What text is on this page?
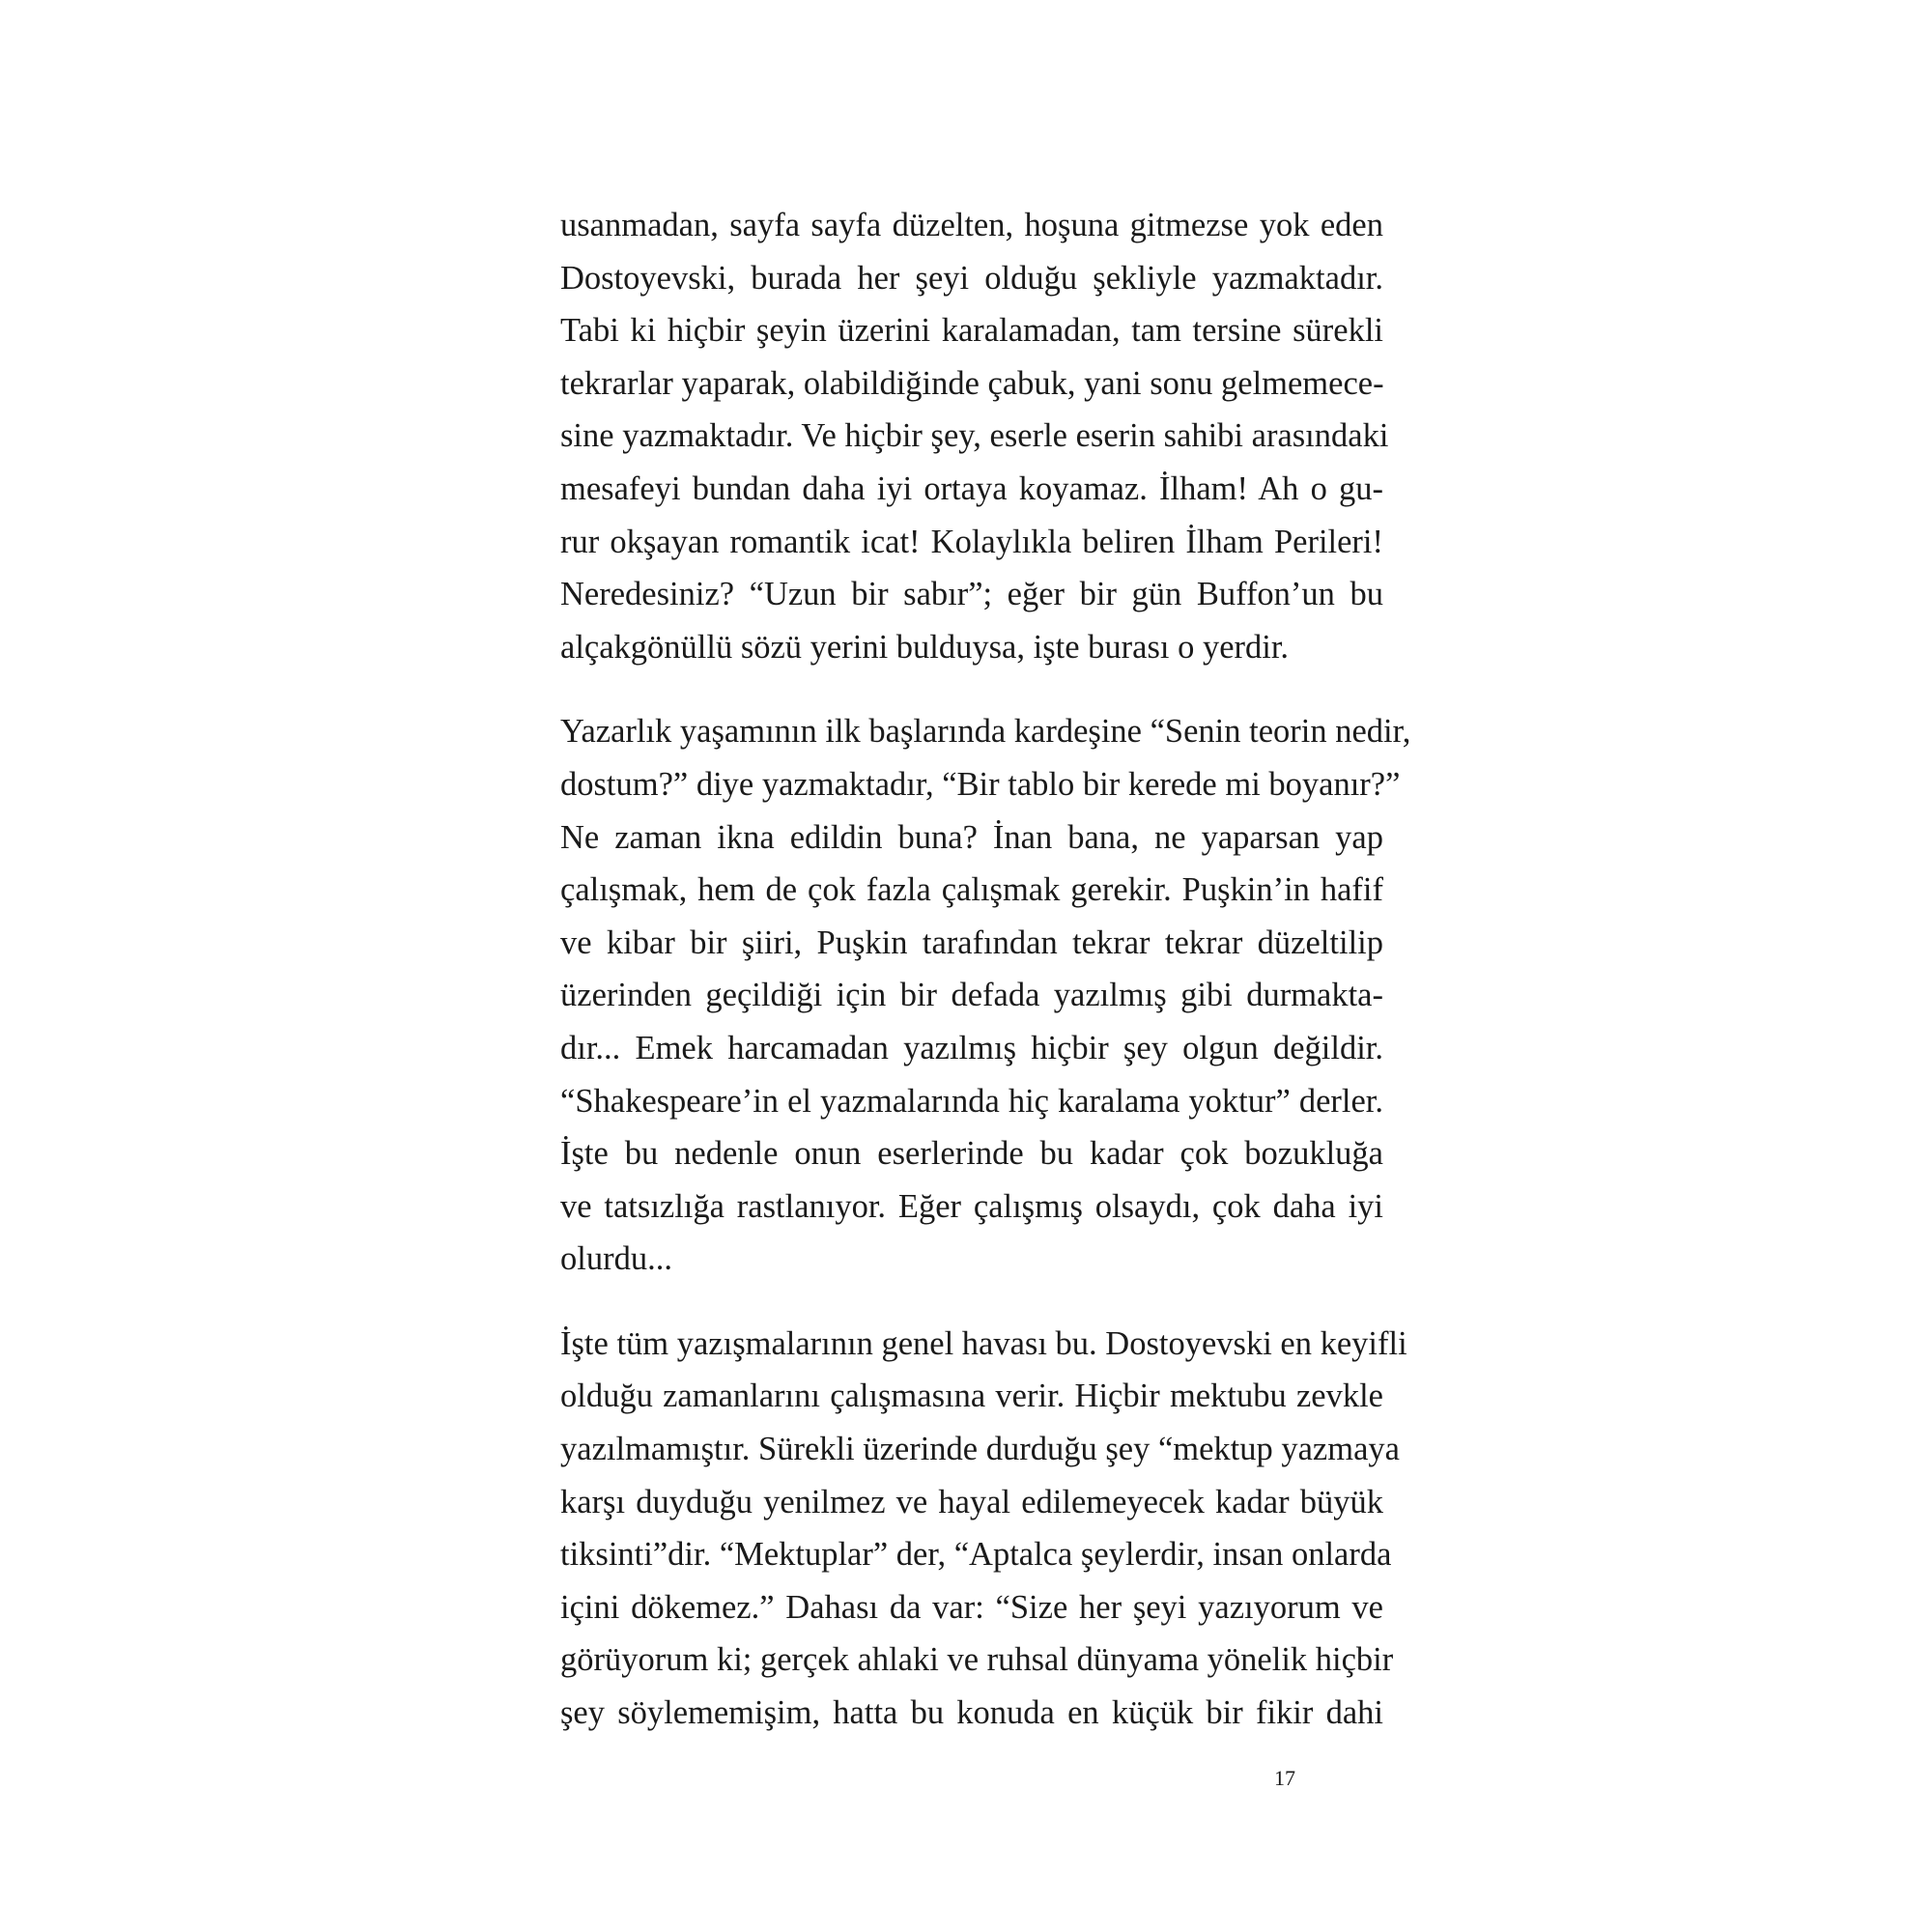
usanmadan, sayfa sayfa düzelten, hoşuna gitmezse yok eden
Dostoyevski, burada her şeyi olduğu şekliyle yazmaktadır.
Tabi ki hiçbir şeyin üzerini karalamadan, tam tersine sürekli
tekrarlar yaparak, olabildiğinde çabuk, yani sonu gelmemece-
sine yazmaktadır. Ve hiçbir şey, eserle eserin sahibi arasındaki
mesafeyi bundan daha iyi ortaya koyamaz. İlham! Ah o gu-
rur okşayan romantik icat! Kolaylıkla beliren İlham Perileri!
Neredesiniz? “Uzun bir sabır”; eğer bir gün Buffon’un bu
alçakgönüllü sözü yerini bulduysa, işte burası o yerdir.
Yazarlık yaşamının ilk başlarında kardeşine “Senin teorin nedir,
dostum?” diye yazmaktadır, “Bir tablo bir kerede mi boyanır?”
Ne zaman ikna edildin buna? İnan bana, ne yaparsan yap
çalışmak, hem de çok fazla çalışmak gerekir. Puşkin’in hafif
ve kibar bir şiiri, Puşkin tarafından tekrar tekrar düzeltilip
üzerinden geçildiği için bir defada yazılmış gibi durmakta-
dır... Emek harcamadan yazılmış hiçbir şey olgun değildir.
“Shakespeare’in el yazmalarında hiç karalama yoktur” derler.
İşte bu nedenle onun eserlerinde bu kadar çok bozukluğa
ve tatsızlığa rastlanıyor. Eğer çalışmış olsaydı, çok daha iyi
olurdu...
İşte tüm yazışmalarının genel havası bu. Dostoyevski en keyifli
olduğu zamanlarını çalışmasına verir. Hiçbir mektubu zevkle
yazılmamıştır. Sürekli üzerinde durduğu şey “mektup yazmaya
karşı duyduğu yenilmez ve hayal edilemeyecek kadar büyük
tiksinti”dir. “Mektuplar” der, “Aptalca şeylerdir, insan onlarda
içini dökemez.” Dahası da var: “Size her şeyi yazıyorum ve
görüyorum ki; gerçek ahlaki ve ruhsal dünyama yönelik hiçbir
şey söylememişim, hatta bu konuda en küçük bir fikir dahi
17
